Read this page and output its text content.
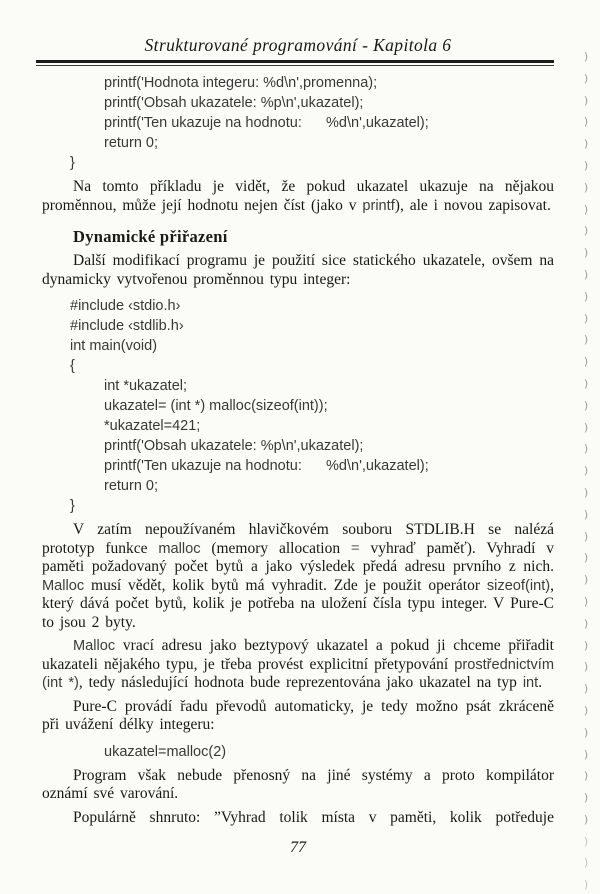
Strukturované programování - Kapitola 6
printf('Hodnota integeru: %d\n',promenna);
printf('Obsah ukazatele: %p\n',ukazatel);
printf('Ten ukazuje na hodnotu:      %d\n',ukazatel);
return 0;
}

Na tomto příkladu je vidět, že pokud ukazatel ukazuje na nějakou proměnnou, může její hodnotu nejen číst (jako v printf), ale i novou zapisovat.

Dynamické přiřazení

Další modifikací programu je použití sice statického ukazatele, ovšem na dynamicky vytvořenou proměnnou typu integer:

#include ‹stdio.h›
#include ‹stdlib.h›
int main(void)
{
int *ukazatel;
ukazatel= (int *) malloc(sizeof(int));
*ukazatel=421;
printf('Obsah ukazatele: %p\n',ukazatel);
printf('Ten ukazuje na hodnotu:      %d\n',ukazatel);
return 0;
}

V zatím nepoužívaném hlavičkovém souboru STDLIB.H se nalézá prototyp funkce malloc (memory allocation = vyhraď paměť). Vyhradí v paměti požadovaný počet bytů a jako výsledek předá adresu prvního z nich. Malloc musí vědět, kolik bytů má vyhradit. Zde je použit operátor sizeof(int), který dává počet bytů, kolik je potřeba na uložení čísla typu integer. V Pure-C to jsou 2 byty.

Malloc vrací adresu jako beztypový ukazatel a pokud ji chceme přiřadit ukazateli nějakého typu, je třeba provést explicitní přetypování prostřednictvím (int *), tedy následující hodnota bude reprezentována jako ukazatel na typ int.

Pure-C provádí řadu převodů automaticky, je tedy možno psát zkráceně při uvážení délky integeru:

ukazatel=malloc(2)

Program však nebude přenosný na jiné systémy a proto kompilátor oznámí své varování.

Populárně shnruto: ”Vyhrad tolik místa v paměti, kolik potředuje

77
)
)
)
)
)
)
)
)
)
)
)
)
)
)
)
)
)
)
)
)
)
)
)
)
)
)
)
)
)
)
)
)
)
)
)
)
)
)
)
